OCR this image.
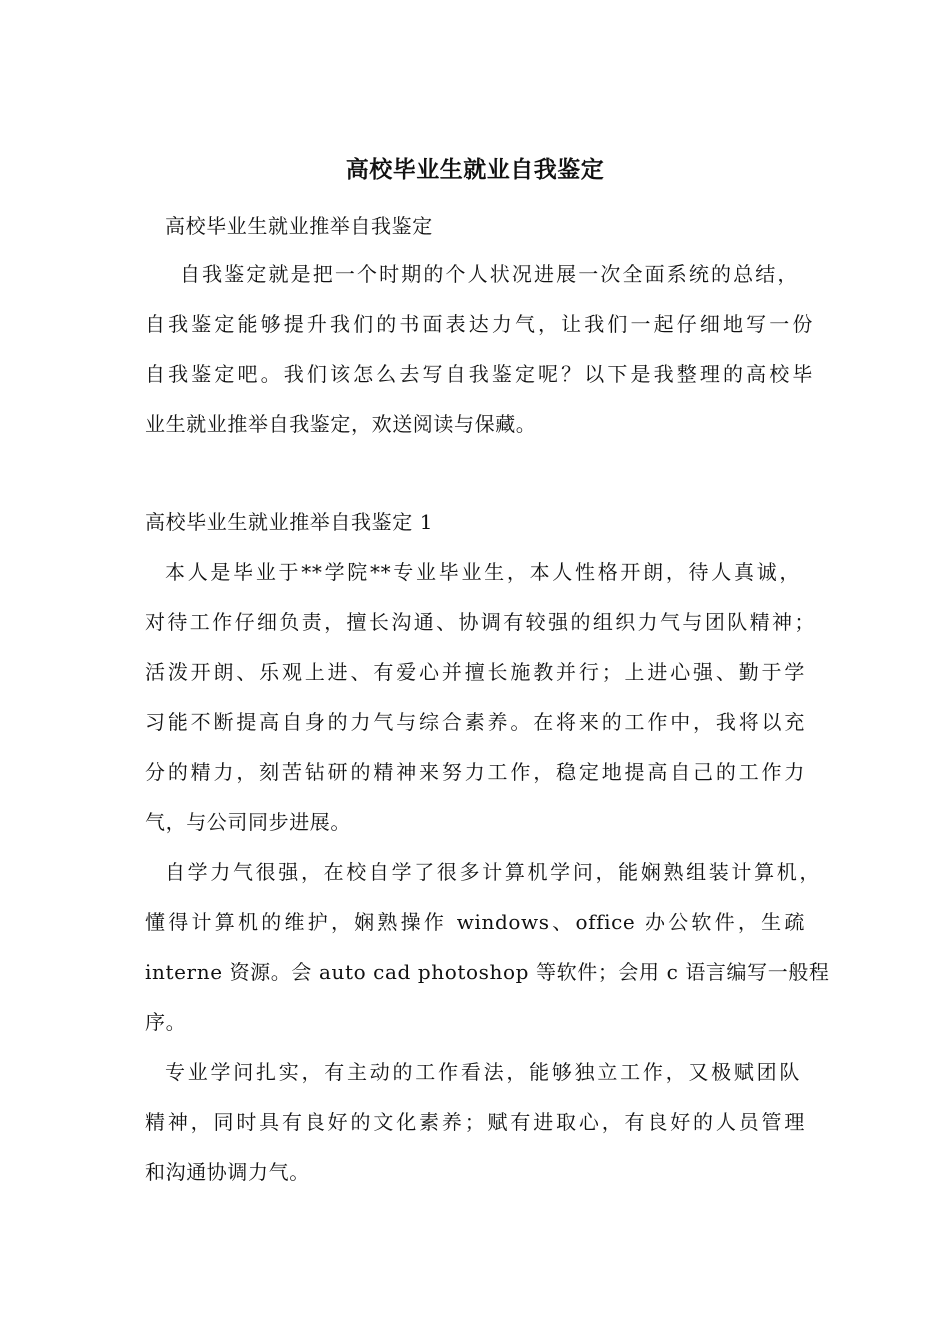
高校毕业生就业自我鉴定
高校毕业生就业推举自我鉴定
自我鉴定就是把一个时期的个人状况进展一次全面系统的总结，
自我鉴定能够提升我们的书面表达力气，让我们一起仔细地写一份
自我鉴定吧。我们该怎么去写自我鉴定呢？以下是我整理的高校毕
业生就业推举自我鉴定，欢送阅读与保藏。
高校毕业生就业推举自我鉴定 1
本人是毕业于**学院**专业毕业生，本人性格开朗，待人真诚，
对待工作仔细负责，擅长沟通、协调有较强的组织力气与团队精神；
活泼开朗、乐观上进、有爱心并擅长施教并行；上进心强、勤于学
习能不断提高自身的力气与综合素养。在将来的工作中，我将以充
分的精力，刻苦钻研的精神来努力工作，稳定地提高自己的工作力
气，与公司同步进展。
自学力气很强，在校自学了很多计算机学问，能娴熟组装计算机，
懂得计算机的维护，娴熟操作 windows、office 办公软件，生疏
interne 资源。会 auto cad photoshop 等软件；会用 c 语言编写一般程
序。
专业学问扎实，有主动的工作看法，能够独立工作，又极赋团队
精神，同时具有良好的文化素养；赋有进取心，有良好的人员管理
和沟通协调力气。
